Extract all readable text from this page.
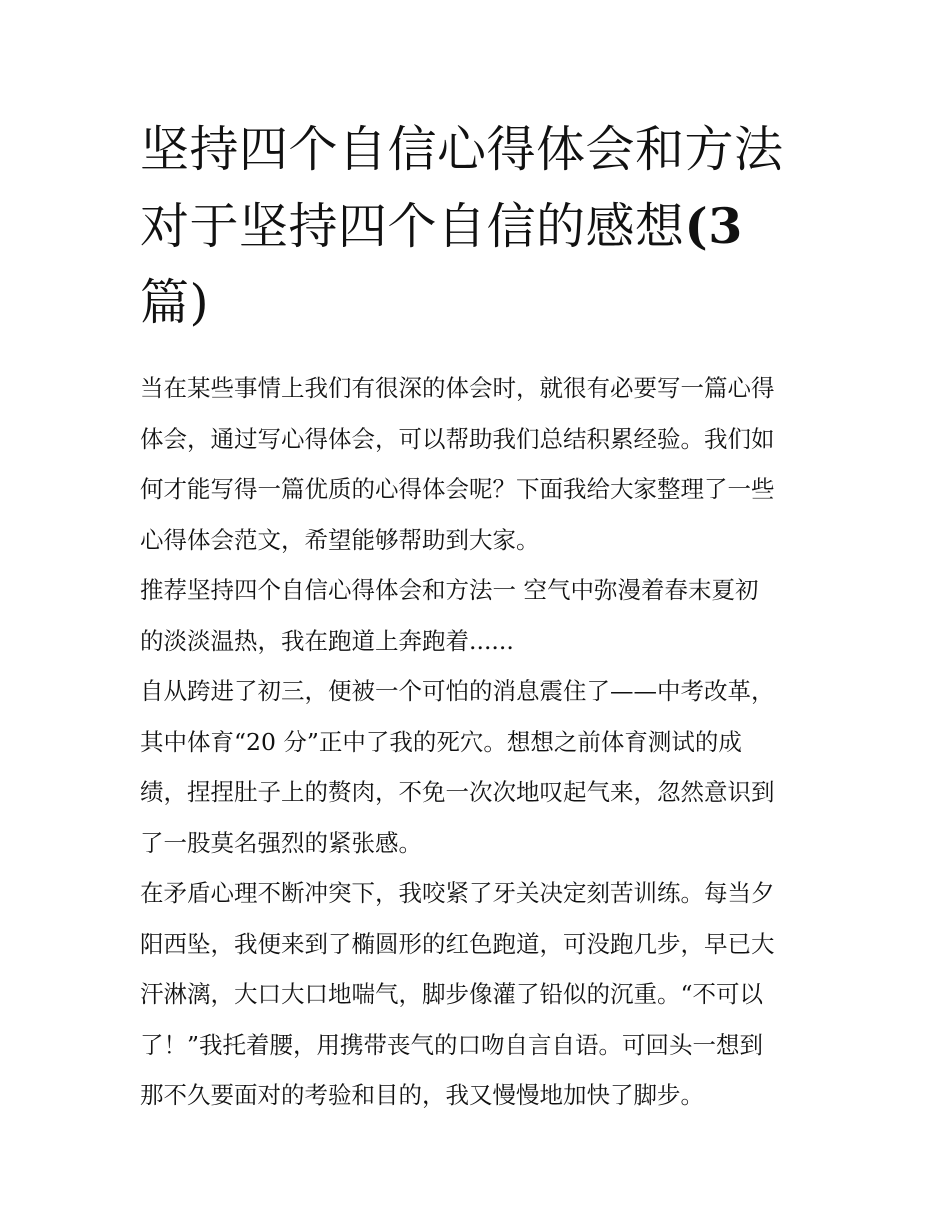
坚持四个自信心得体会和方法
对于坚持四个自信的感想(3
篇)
当在某些事情上我们有很深的体会时，就很有必要写一篇心得
体会，通过写心得体会，可以帮助我们总结积累经验。我们如
何才能写得一篇优质的心得体会呢？下面我给大家整理了一些
心得体会范文，希望能够帮助到大家。
推荐坚持四个自信心得体会和方法一 空气中弥漫着春末夏初
的淡淡温热，我在跑道上奔跑着......
自从跨进了初三，便被一个可怕的消息震住了——中考改革，
其中体育“20 分”正中了我的死穴。想想之前体育测试的成
绩，捏捏肚子上的赘肉，不免一次次地叹起气来，忽然意识到
了一股莫名强烈的紧张感。
在矛盾心理不断冲突下，我咬紧了牙关决定刻苦训练。每当夕
阳西坠，我便来到了椭圆形的红色跑道，可没跑几步，早已大
汗淋漓，大口大口地喘气，脚步像灌了铅似的沉重。“不可以
了！”我托着腰，用携带丧气的口吻自言自语。可回头一想到
那不久要面对的考验和目的，我又慢慢地加快了脚步。
